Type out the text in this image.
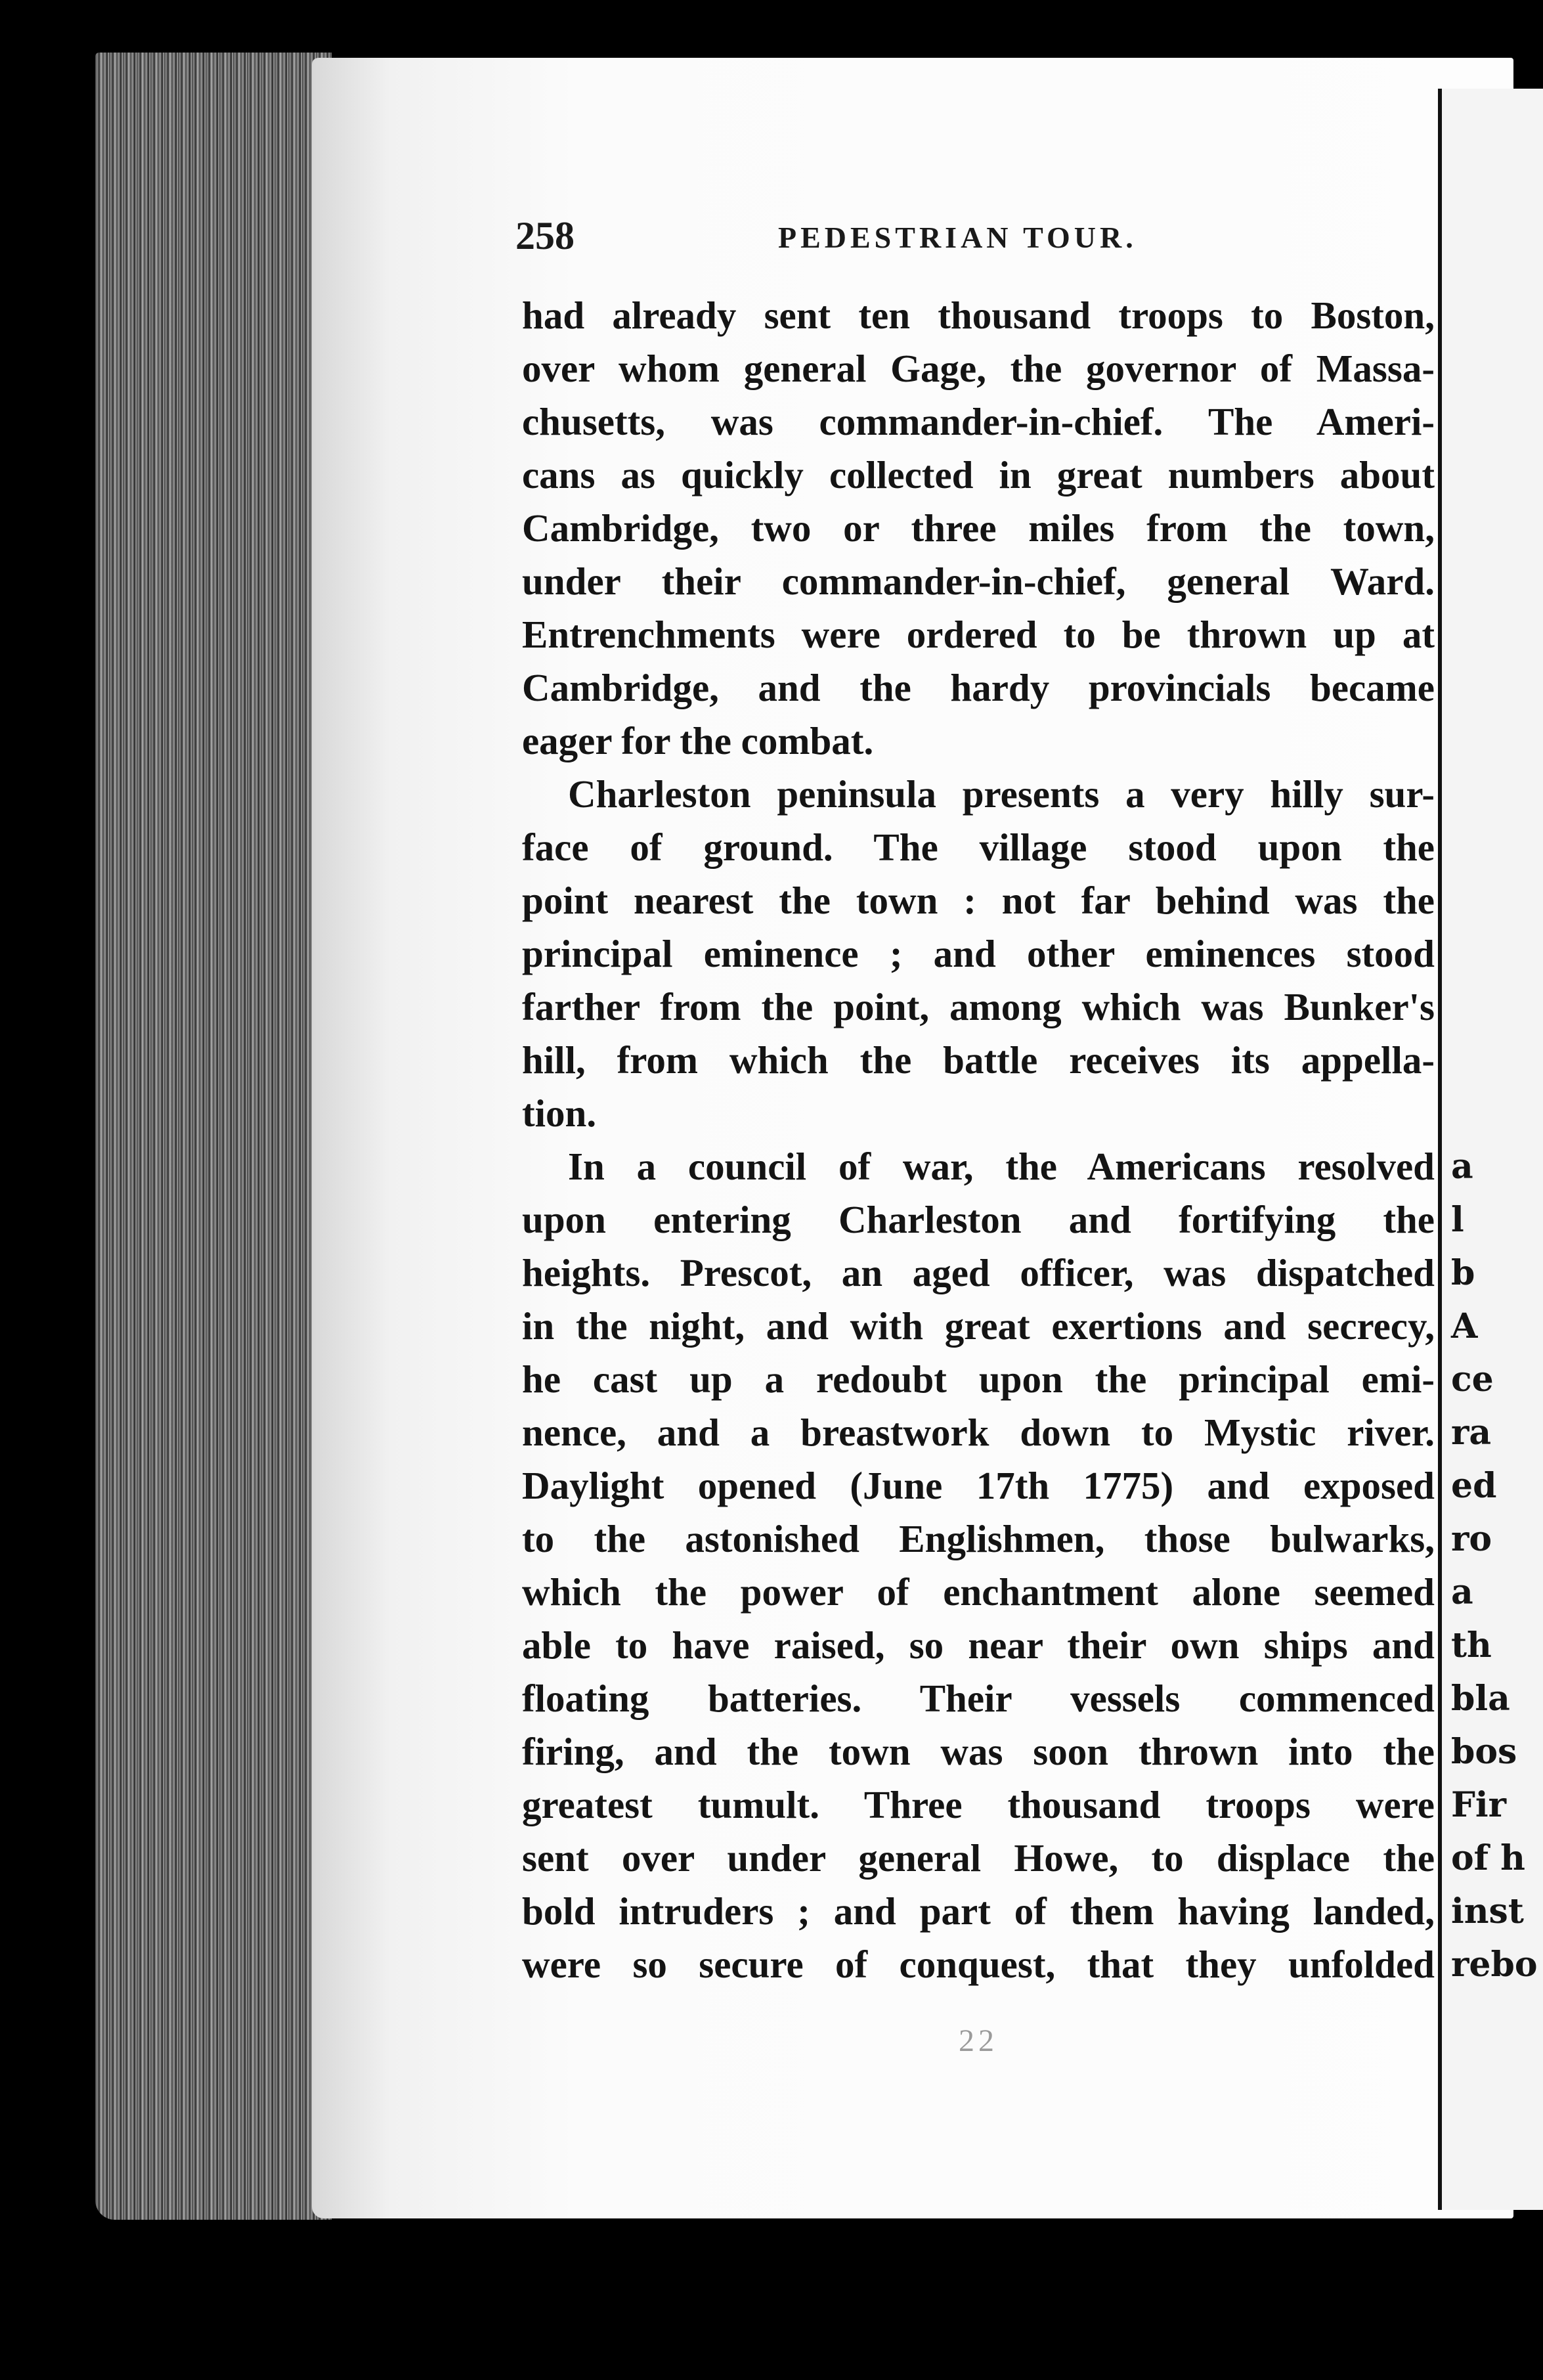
a
l
b
A
ce
ra
ed
ro
a
th
bla
bos
Fir
of h
inst
rebo
258	PEDESTRIAN TOUR.
had already sent ten thousand troops to Boston,
over whom general Gage, the governor of Massa-
chusetts, was commander-in-chief. The Ameri-
cans as quickly collected in great numbers about
Cambridge, two or three miles from the town,
under their commander-in-chief, general Ward.
Entrenchments were ordered to be thrown up at
Cambridge, and the hardy provincials became
eager for the combat.
Charleston peninsula presents a very hilly sur-
face of ground. The village stood upon the
point nearest the town : not far behind was the
principal eminence ; and other eminences stood
farther from the point, among which was Bunker's
hill, from which the battle receives its appella-
tion.
In a council of war, the Americans resolved
upon entering Charleston and fortifying the
heights. Prescot, an aged officer, was dispatched
in the night, and with great exertions and secrecy,
he cast up a redoubt upon the principal emi-
nence, and a breastwork down to Mystic river.
Daylight opened (June 17th 1775) and exposed
to the astonished Englishmen, those bulwarks,
which the power of enchantment alone seemed
able to have raised, so near their own ships and
floating batteries. Their vessels commenced
firing, and the town was soon thrown into the
greatest tumult. Three thousand troops were
sent over under general Howe, to displace the
bold intruders ; and part of them having landed,
were so secure of conquest, that they unfolded
22
